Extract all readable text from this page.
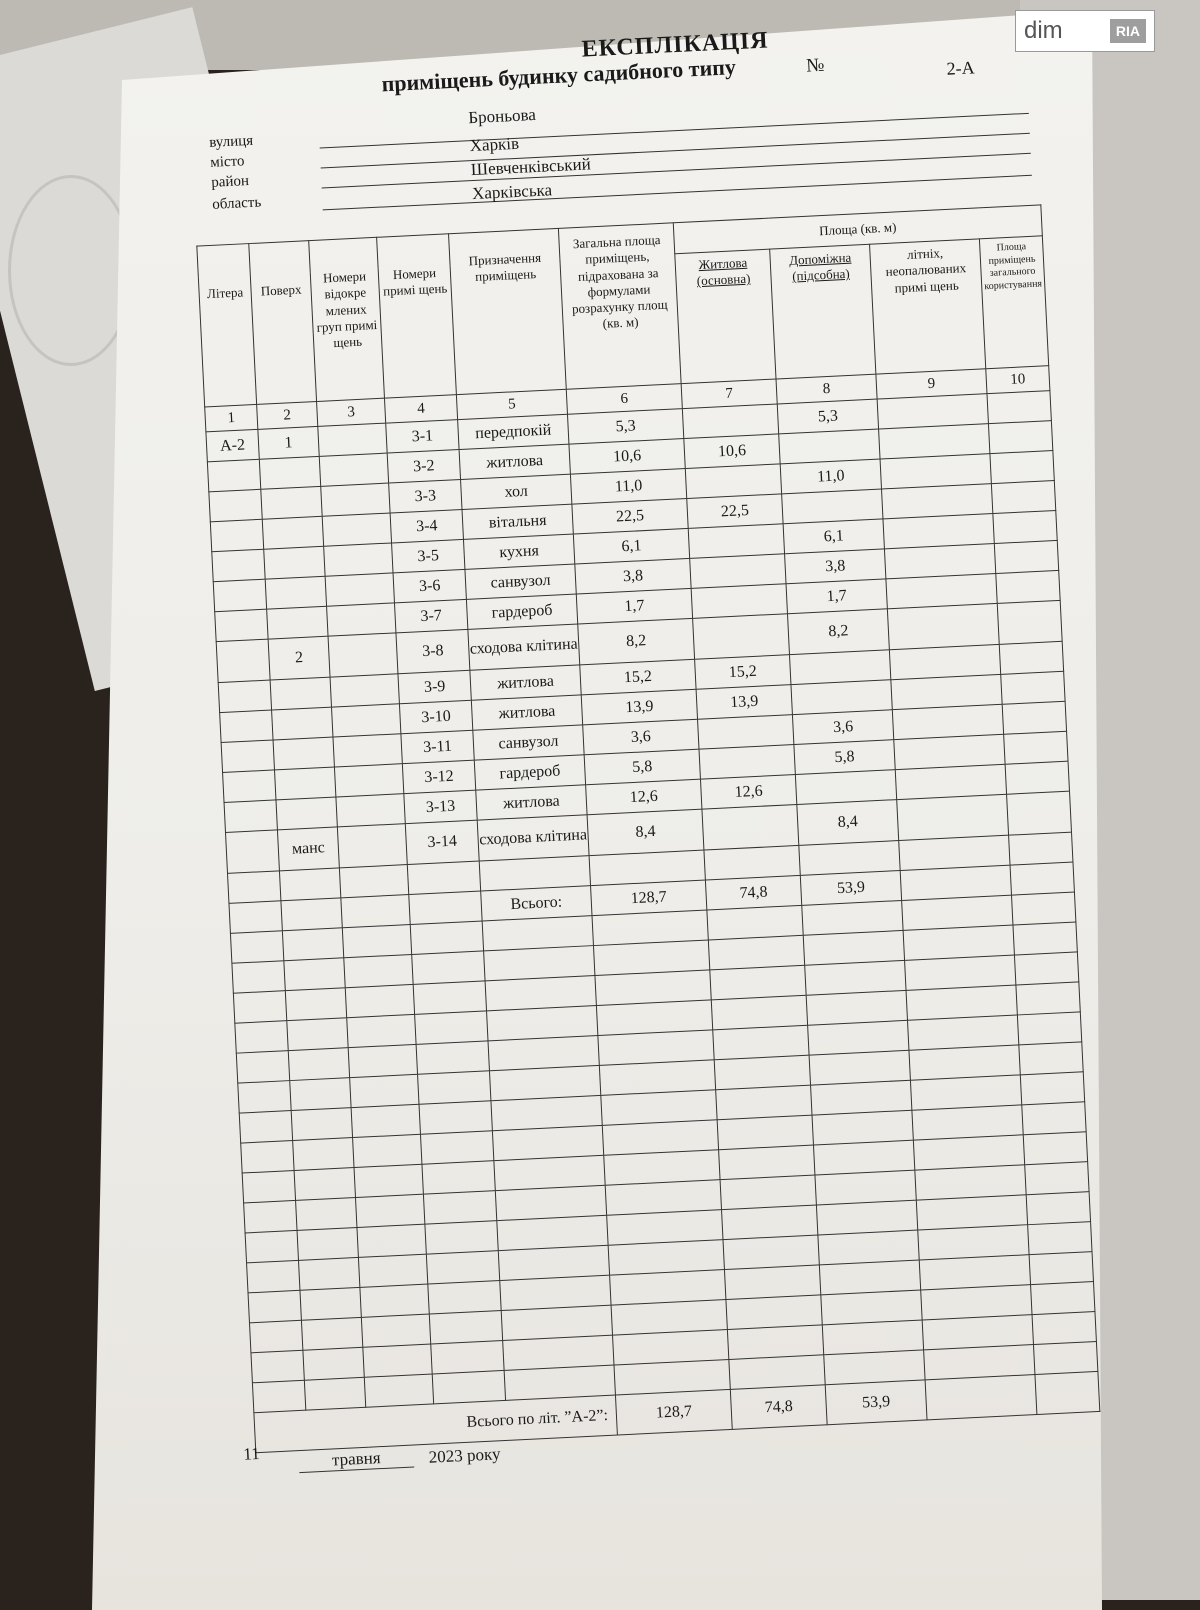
ЕКСПЛІКАЦІЯ
приміщень будинку садибного типу	№	2-А
вулиця
Броньова
місто
Харків
район
Шевченківський
область
Харківська
Літера	Поверх	Номери відокре млених груп примі щень	Номери примі щень	Призначення приміщень	Загальна площа приміщень, підрахована за формулами розрахунку площ (кв. м)	Площа (кв. м)			
						Житлова (основна)	Допоміжна (підсобна)	літніх, неопалюваних примі щень	Площа приміщень загального користування
1	2	3	4	5	6	7	8	9	10
А-2	1		3-1	передпокій	5,3		5,3		
			3-2	житлова	10,6	10,6			
			3-3	хол	11,0		11,0		
			3-4	вітальня	22,5	22,5			
			3-5	кухня	6,1		6,1		
			3-6	санвузол	3,8		3,8		
			3-7	гардероб	1,7		1,7		
	2		3-8	сходова клітина	8,2		8,2		
			3-9	житлова	15,2	15,2			
			3-10	житлова	13,9	13,9			
			3-11	санвузол	3,6		3,6		
			3-12	гардероб	5,8		5,8		
			3-13	житлова	12,6	12,6			
	манс		3-14	сходова клітина	8,4		8,4		

				Всього:	128,7	74,8	53,9		

Всього по літ. ”А-2”:					128,7	74,8	53,9		
11	травня	2023 року
dim	RIA
